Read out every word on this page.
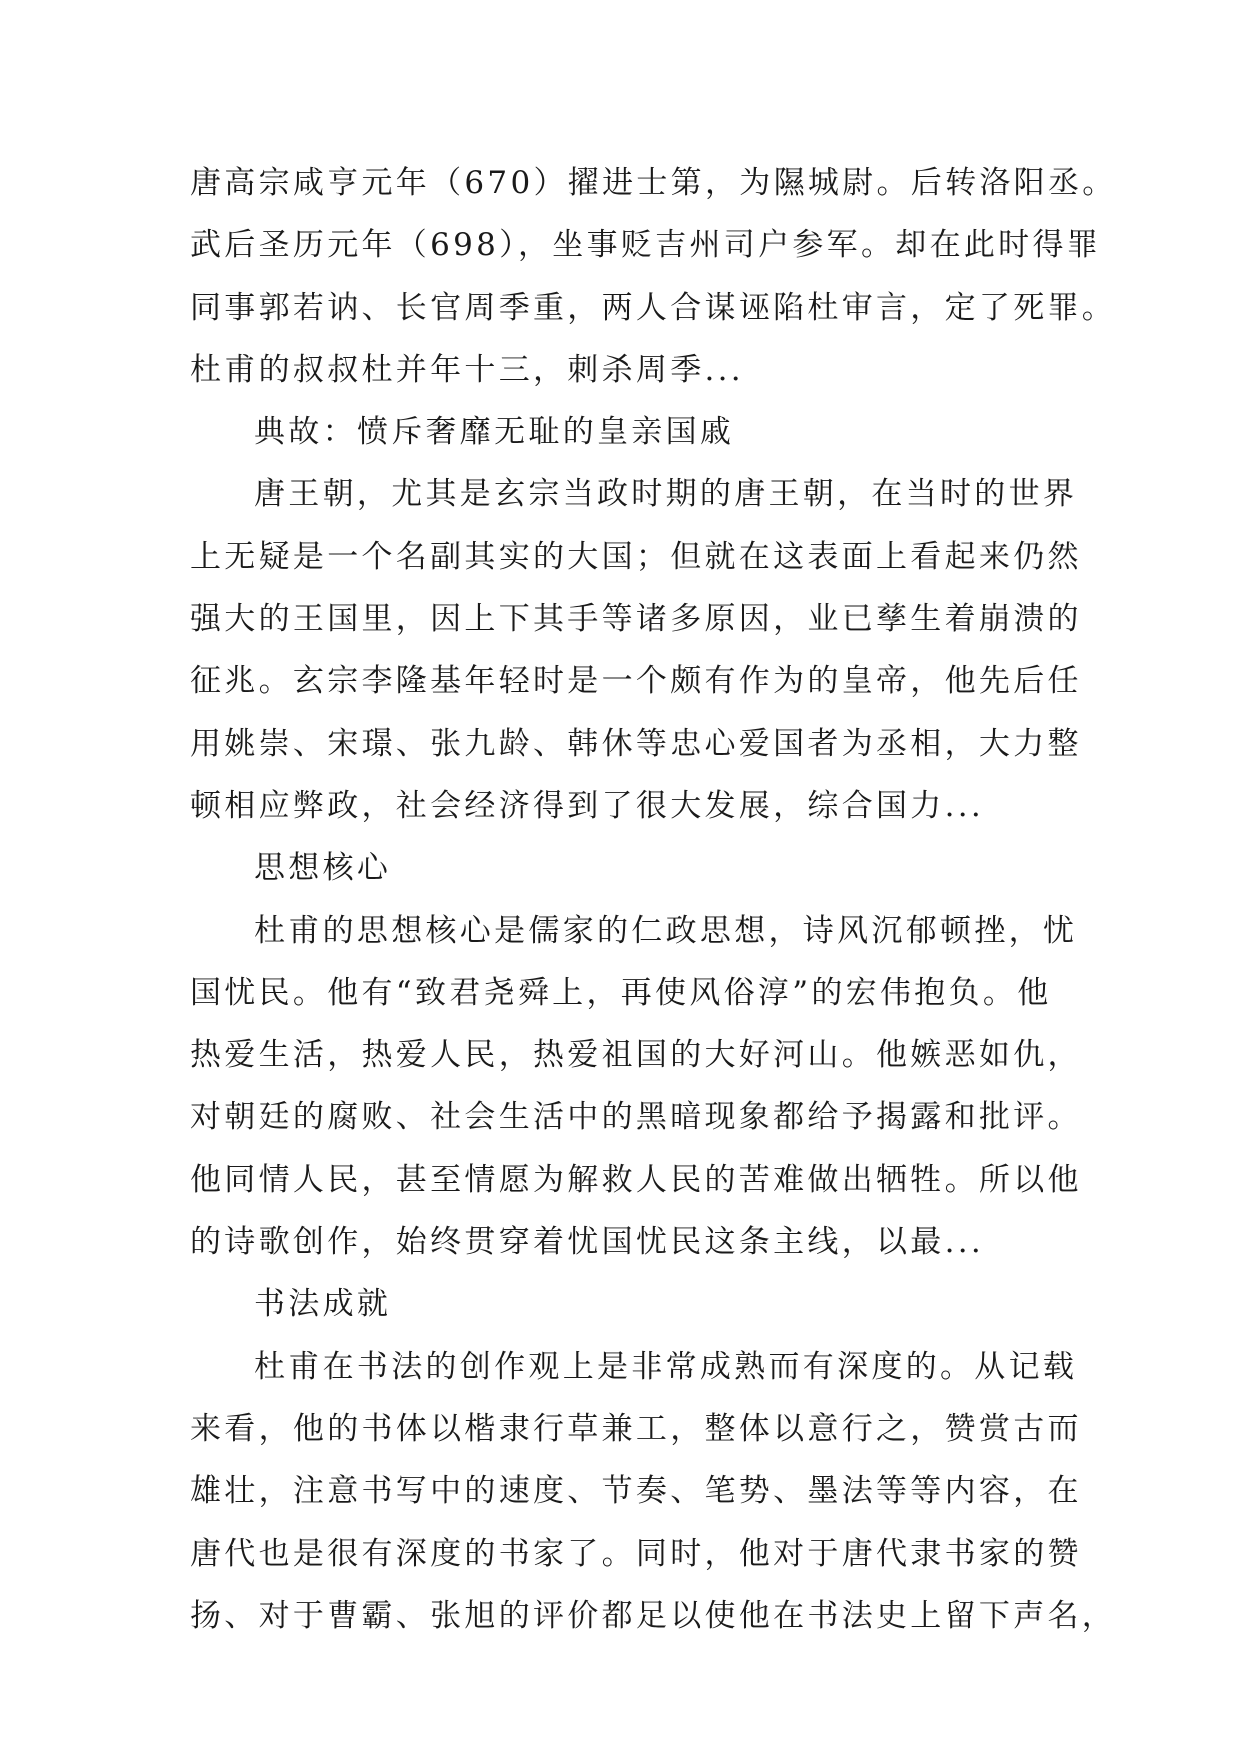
唐高宗咸亨元年（670）擢进士第，为隰城尉。后转洛阳丞。
武后圣历元年（698），坐事贬吉州司户参军。却在此时得罪
同事郭若讷、长官周季重，两人合谋诬陷杜审言，定了死罪。
杜甫的叔叔杜并年十三，刺杀周季...
典故：愤斥奢靡无耻的皇亲国戚
唐王朝，尤其是玄宗当政时期的唐王朝，在当时的世界
上无疑是一个名副其实的大国；但就在这表面上看起来仍然
强大的王国里，因上下其手等诸多原因，业已孳生着崩溃的
征兆。玄宗李隆基年轻时是一个颇有作为的皇帝，他先后任
用姚崇、宋璟、张九龄、韩休等忠心爱国者为丞相，大力整
顿相应弊政，社会经济得到了很大发展，综合国力...
思想核心
杜甫的思想核心是儒家的仁政思想，诗风沉郁顿挫，忧
国忧民。他有“致君尧舜上，再使风俗淳”的宏伟抱负。他
热爱生活，热爱人民，热爱祖国的大好河山。他嫉恶如仇，
对朝廷的腐败、社会生活中的黑暗现象都给予揭露和批评。
他同情人民，甚至情愿为解救人民的苦难做出牺牲。所以他
的诗歌创作，始终贯穿着忧国忧民这条主线，以最...
书法成就
杜甫在书法的创作观上是非常成熟而有深度的。从记载
来看，他的书体以楷隶行草兼工，整体以意行之，赞赏古而
雄壮，注意书写中的速度、节奏、笔势、墨法等等内容，在
唐代也是很有深度的书家了。同时，他对于唐代隶书家的赞
扬、对于曹霸、张旭的评价都足以使他在书法史上留下声名，
